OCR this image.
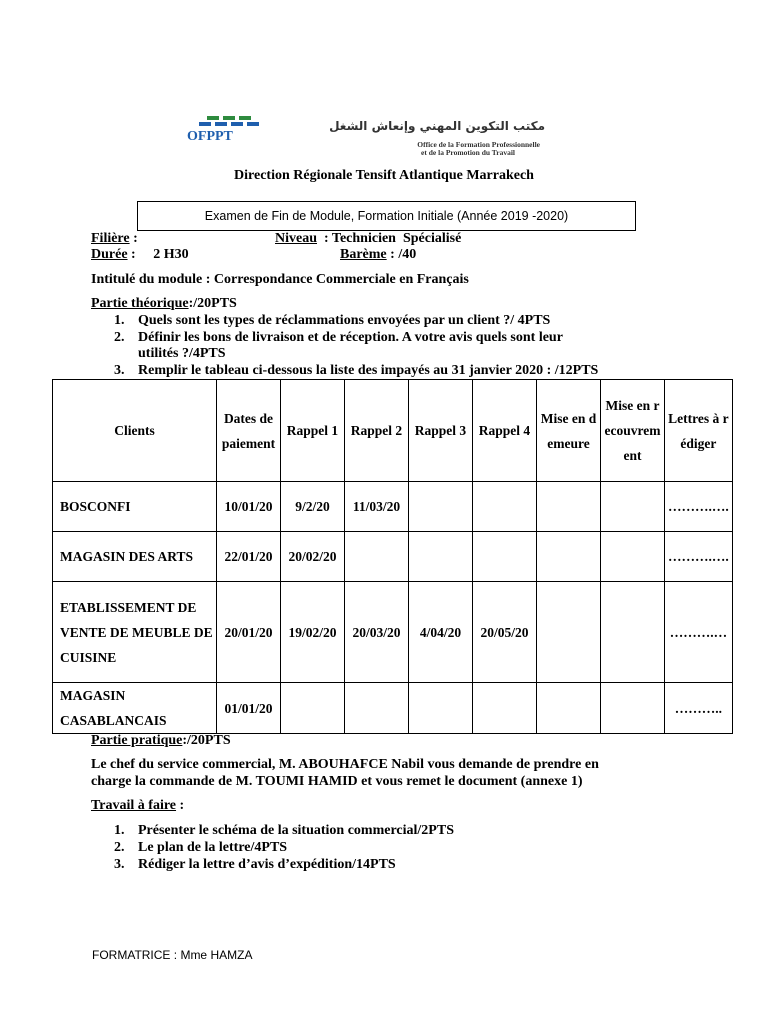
OFPPT
مكتب التكوين المهني وإنعاش الشغل
Office de la Formation Professionnelle
et de la Promotion du Travail
Direction Régionale Tensift Atlantique Marrakech
Examen de Fin de Module, Formation Initiale (Année 2019 -2020)
Filière :	Niveau  : Technicien  Spécialisé
Durée :     2 H30	Barème : /40
Intitulé du module : Correspondance Commerciale en Français
Partie théorique:/20PTS
1. Quels sont les types de réclammations envoyées par un client ?/ 4PTS
2. Définir les bons de livraison et de réception. A votre avis quels sont leur
utilités ?/4PTS
3. Remplir le tableau ci-dessous la liste des impayés au 31 janvier 2020 : /12PTS
Clients	Dates de paiement	Rappel 1	Rappel 2	Rappel 3	Rappel 4	Mise en demeure	Mise en recouvrement	Lettres à rédiger
BOSCONFI	10/01/20	9/2/20	11/03/20					……….….
MAGASIN DES ARTS	22/01/20	20/02/20						……….….
ETABLISSEMENT DE VENTE DE MEUBLE DE CUISINE	20/01/20	19/02/20	20/03/20	4/04/20	20/05/20			……….…
MAGASIN CASABLANCAIS	01/01/20							………..
Partie pratique:/20PTS
Le chef du service commercial, M. ABOUHAFCE Nabil vous demande de prendre en
charge la commande de M. TOUMI HAMID et vous remet le document (annexe 1)
Travail à faire :
1. Présenter le schéma de la situation commercial/2PTS
2. Le plan de la lettre/4PTS
3. Rédiger la lettre d’avis d’expédition/14PTS
FORMATRICE : Mme HAMZA
